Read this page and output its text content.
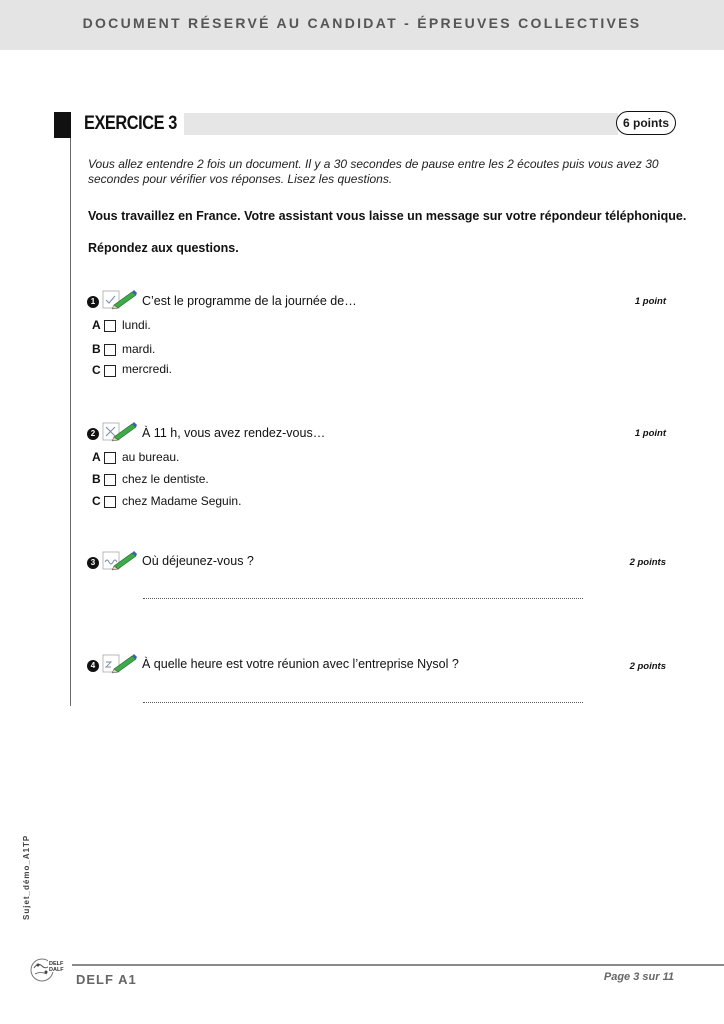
DOCUMENT RÉSERVÉ AU CANDIDAT - ÉPREUVES COLLECTIVES
EXERCICE 3	6 points
Vous allez entendre 2 fois un document. Il y a 30 secondes de pause entre les 2 écoutes puis vous avez 30 secondes pour vérifier vos réponses. Lisez les questions.
Vous travaillez en France. Votre assistant vous laisse un message sur votre répondeur téléphonique.
Répondez aux questions.
1	C’est le programme de la journée de…	1 point
A lundi.
B mardi.
C mercredi.
2	À 11 h, vous avez rendez-vous…	1 point
A au bureau.
B chez le dentiste.
C chez Madame Seguin.
3	Où déjeunez-vous ?	2 points
4	À quelle heure est votre réunion avec l’entreprise Nysol ?	2 points
Sujet_démo_A1TP
DELF
DALF
DELF A1	Page 3 sur 11
